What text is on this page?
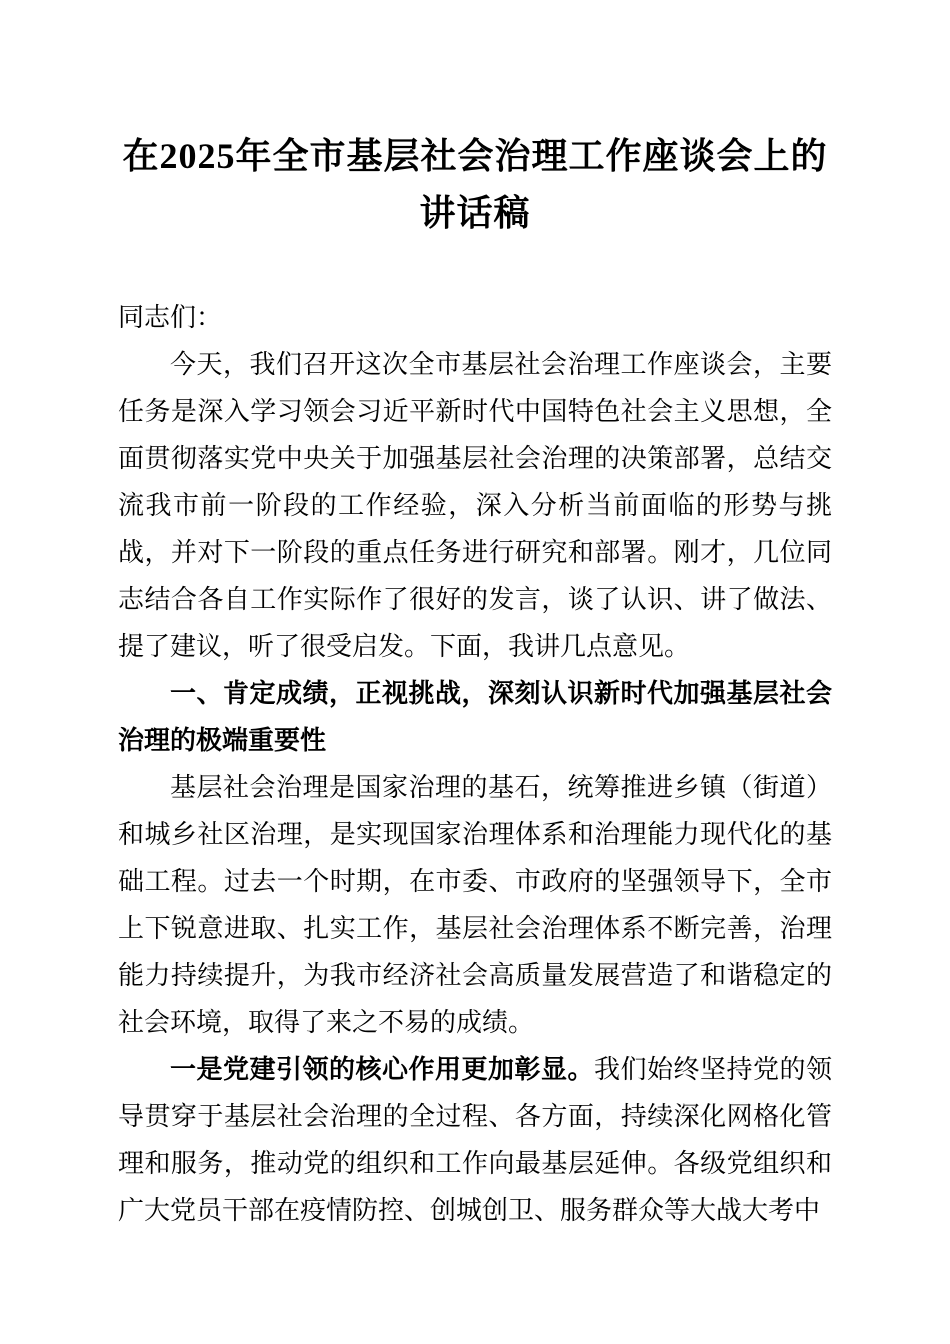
在2025年全市基层社会治理工作座谈会上的讲话稿

同志们：

今天，我们召开这次全市基层社会治理工作座谈会，主要任务是深入学习领会习近平新时代中国特色社会主义思想，全面贯彻落实党中央关于加强基层社会治理的决策部署，总结交流我市前一阶段的工作经验，深入分析当前面临的形势与挑战，并对下一阶段的重点任务进行研究和部署。刚才，几位同志结合各自工作实际作了很好的发言，谈了认识、讲了做法、提了建议，听了很受启发。下面，我讲几点意见。

一、肯定成绩，正视挑战，深刻认识新时代加强基层社会治理的极端重要性

基层社会治理是国家治理的基石，统筹推进乡镇（街道）和城乡社区治理，是实现国家治理体系和治理能力现代化的基础工程。过去一个时期，在市委、市政府的坚强领导下，全市上下锐意进取、扎实工作，基层社会治理体系不断完善，治理能力持续提升，为我市经济社会高质量发展营造了和谐稳定的社会环境，取得了来之不易的成绩。

一是党建引领的核心作用更加彰显。我们始终坚持党的领导贯穿于基层社会治理的全过程、各方面，持续深化网格化管理和服务，推动党的组织和工作向最基层延伸。各级党组织和广大党员干部在疫情防控、创城创卫、服务群众等大战大考中
